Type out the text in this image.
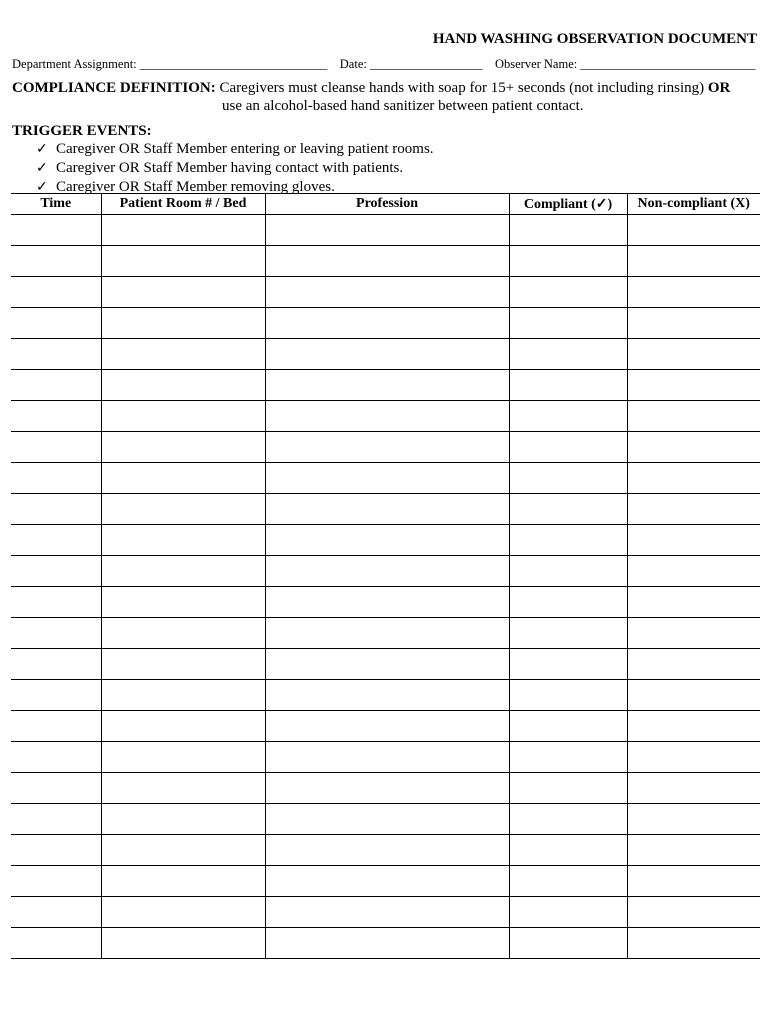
HAND WASHING OBSERVATION DOCUMENT
Department Assignment: ______________________________ Date: __________________ Observer Name: ____________________________
COMPLIANCE DEFINITION: Caregivers must cleanse hands with soap for 15+ seconds (not including rinsing) OR
use an alcohol-based hand sanitizer between patient contact.
TRIGGER EVENTS:
✓ Caregiver OR Staff Member entering or leaving patient rooms.
✓ Caregiver OR Staff Member having contact with patients.
✓ Caregiver OR Staff Member removing gloves.
Time	Patient Room # / Bed	Profession	Compliant (✓)	Non-compliant (X)
